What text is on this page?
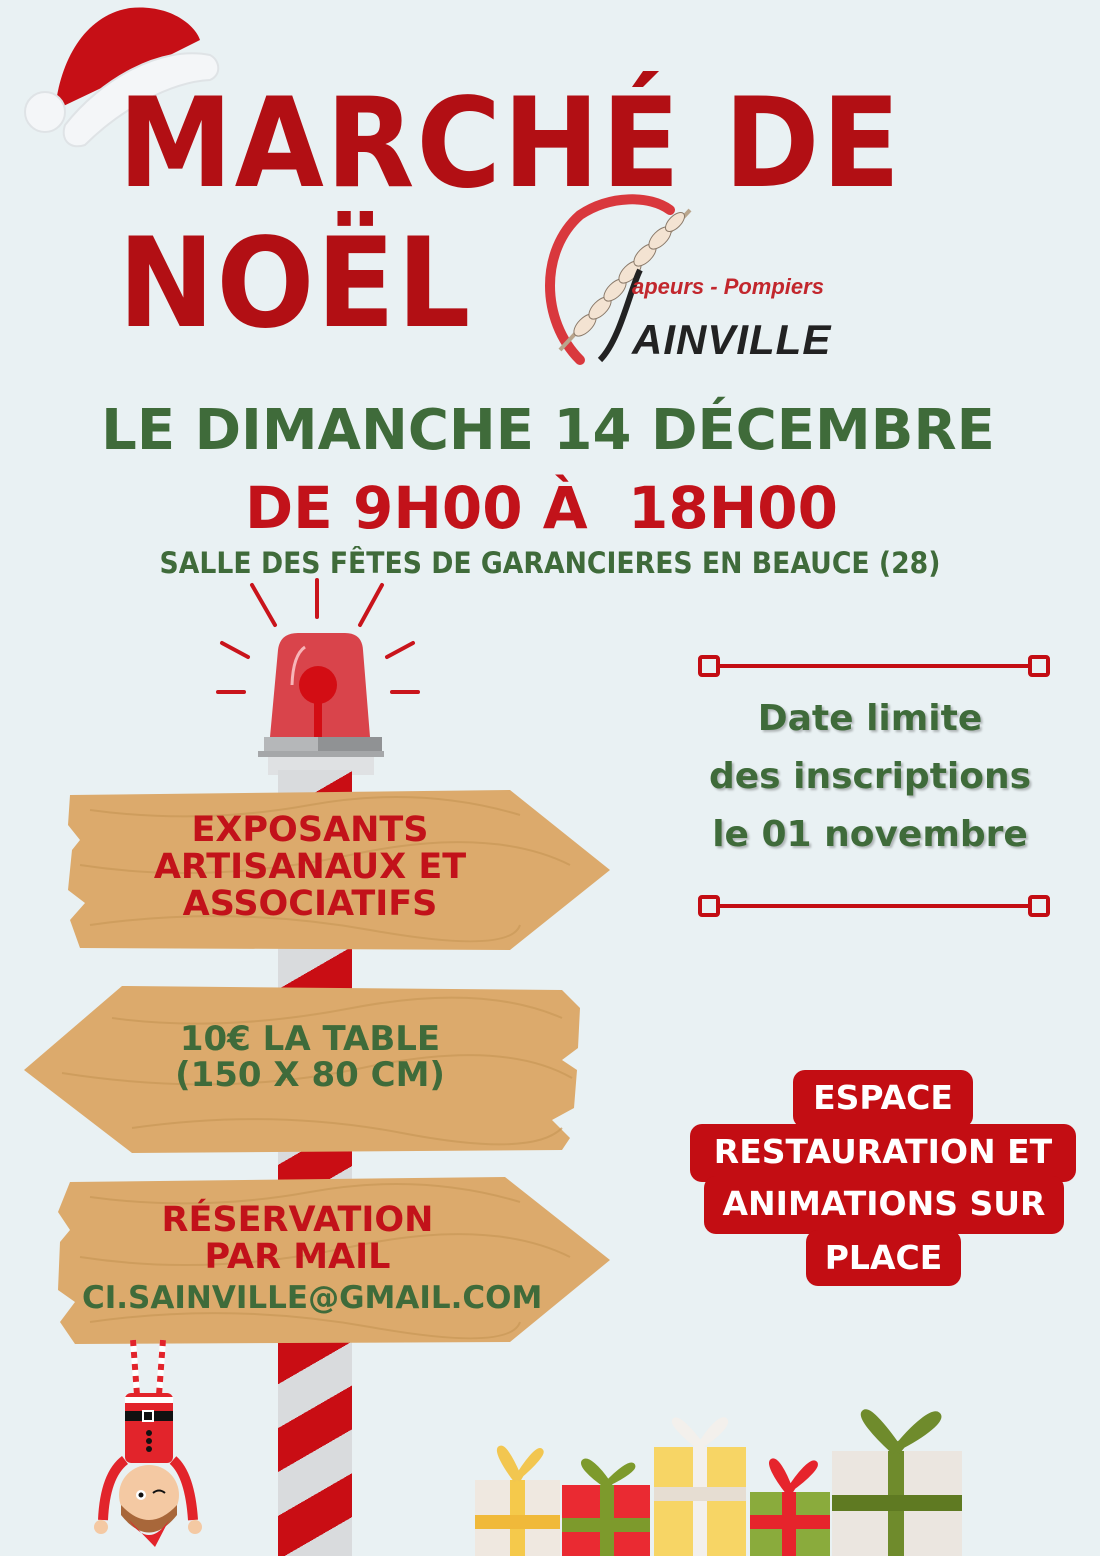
MARCHÉ DE
NOËL	apeurs - Pompiers
AINVILLE
LE DIMANCHE 14 DÉCEMBRE
DE 9H00 À  18H00
SALLE DES FÊTES DE GARANCIERES EN BEAUCE (28)
EXPOSANTS
ARTISANAUX ET
ASSOCIATIFS
10€ LA TABLE
(150 X 80 CM)
RÉSERVATION
PAR MAIL
CI.SAINVILLE@GMAIL.COM
Date limite
des inscriptions
le 01 novembre
ESPACE
RESTAURATION ET
ANIMATIONS SUR
PLACE
